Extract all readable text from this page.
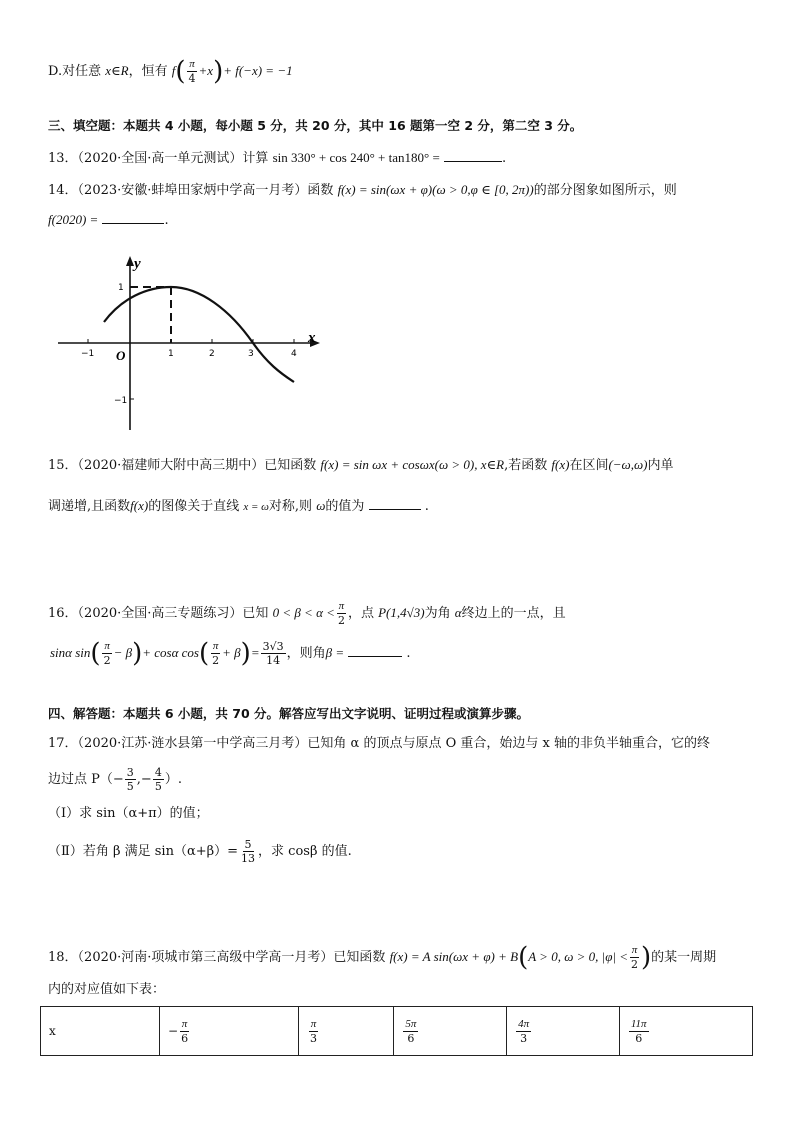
D.对任意 x∈R，恒有 $f( \frac{\pi}{4} +x)+ f(-x) = -1$
三、填空题：本题共 4 小题，每小题 5 分，共 20 分，其中 16 题第一空 2 分，第二空 3 分。
13．（2020·全国·高一单元测试）计算 sin 330° + cos 240° + tan180° =	.
14．（2023·安徽·蚌埠田家炳中学高一月考）函数 f(x) = sin(ωx + φ)(ω > 0,φ ∈ [0, 2π))的部分图象如图所示，则
f(2020) =	.
y
x
O
−1	1	2	3	4
1
−1
15．（2020·福建师大附中高三期中）已知函数 f(x) = sin ωx + cosωx(ω > 0), x∈R,若函数 f(x)在区间(−ω,ω)内单
调递增,且函数f(x)的图像关于直线 x = ω对称,则 ω的值为	.
16．（2020·全国·高三专题练习）已知 $0 < \beta < \alpha < \frac{\pi}{2}$ ，点 P(1,4√3)为角 α终边上的一点，且
sinα $\sin( \frac{\pi}{2} - \beta)+ \cos\alpha$ $\cos( \frac{\pi}{2} + \beta)= \frac{3√3}{14}$ ，则角β =	.
四、解答题：本题共 6 小题，共 70 分。解答应写出文字说明、证明过程或演算步骤。
17．（2020·江苏·涟水县第一中学高三月考）已知角 α 的顶点与原点 O 重合，始边与 x 轴的非负半轴重合，它的终
边过点 $P(- \frac{3}{5}$ ,− $\frac{4}{5}$ ）.
（Ⅰ）求 sin（α+π）的值；
（Ⅱ）若角 β 满足 $\sin(\alpha+\beta)= \frac{5}{13}$ ，求 cosβ 的值.
18．（2020·河南·项城市第三高级中学高一月考）已知函数 f(x) = A sin(ωx + φ) + B(A > 0, ω > 0, $|\varphi| < \frac{\pi}{2}$ )的某一周期
内的对应值如下表：
x	− $\frac{\pi}{6}$	$\frac{\pi}{3}$	$\frac{5\pi}{6}$	$\frac{4\pi}{3}$	$\frac{11\pi}{6}$
